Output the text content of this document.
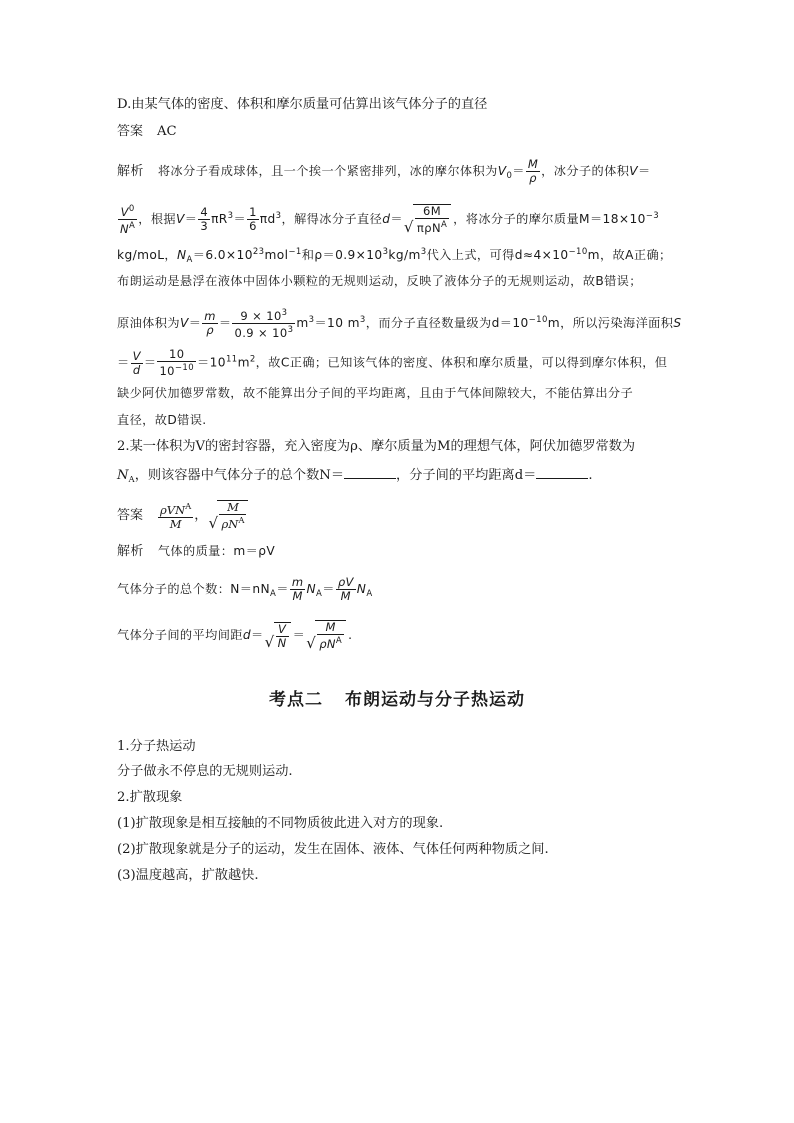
D.由某气体的密度、体积和摩尔质量可估算出该气体分子的直径
答案 AC
解析 将冰分子看成球体，且一个挨一个紧密排列，冰的摩尔体积为$V_0= \frac{M}{\rho}$ ，冰分子的体积V＝
$\frac{V^0}{N^A}$ ，根据$V= \frac{4}{3} \pi R^3= \frac{1}{6} \pi d^3$，解得冰分子直径d＝ √ $\frac{6M}{\pi\rho N^A}$ ，将冰分子的摩尔质量$M=18\times 10^{-3}$
kg/moL，$N_A=6.0\times 10^{23}mol^{-1}$和$\rho=0.9\times 10^3kg/m^3$代入上式，可得$d\approx 4\times 10^{-10}m$，故A正确；
布朗运动是悬浮在液体中固体小颗粒的无规则运动，反映了液体分子的无规则运动，故B错误；
原油体积为$V= \frac{m}{\rho} = \frac{9 \times 10^3}{0.9 \times 10^3} m^3=10$ $m^3$，而分子直径数量级为$d=10^{-10}m$，所以污染海洋面积S
＝ $\frac{V}{d} = \frac{10}{10^{-10}} =10^{11}m^2$，故C正确；已知该气体的密度、体积和摩尔质量，可以得到摩尔体积，但
缺少阿伏加德罗常数，故不能算出分子间的平均距离，且由于气体间隙较大，不能估算出分子
直径，故D错误.
2.某一体积为V的密封容器，充入密度为ρ、摩尔质量为M的理想气体，阿伏加德罗常数为
$N_A$，则该容器中气体分子的总个数N＝	，分子间的平均距离d＝	.
答案 $\frac{\rho VN^A}{M}$ ， √ $\frac{M}{\rho N^A}$
解析 气体的质量：m＝ρV
气体分子的总个数：$N=nN_A= \frac{m}{M} N_A= \frac{\rho V}{M} N_A$
气体分子间的平均间距d＝ √ $\frac{V}{N}$ ＝ √ $\frac{M}{\rho N^A}$ .
考点二 布朗运动与分子热运动
1.分子热运动
分子做永不停息的无规则运动.
2.扩散现象
(1)扩散现象是相互接触的不同物质彼此进入对方的现象.
(2)扩散现象就是分子的运动，发生在固体、液体、气体任何两种物质之间.
(3)温度越高，扩散越快.
